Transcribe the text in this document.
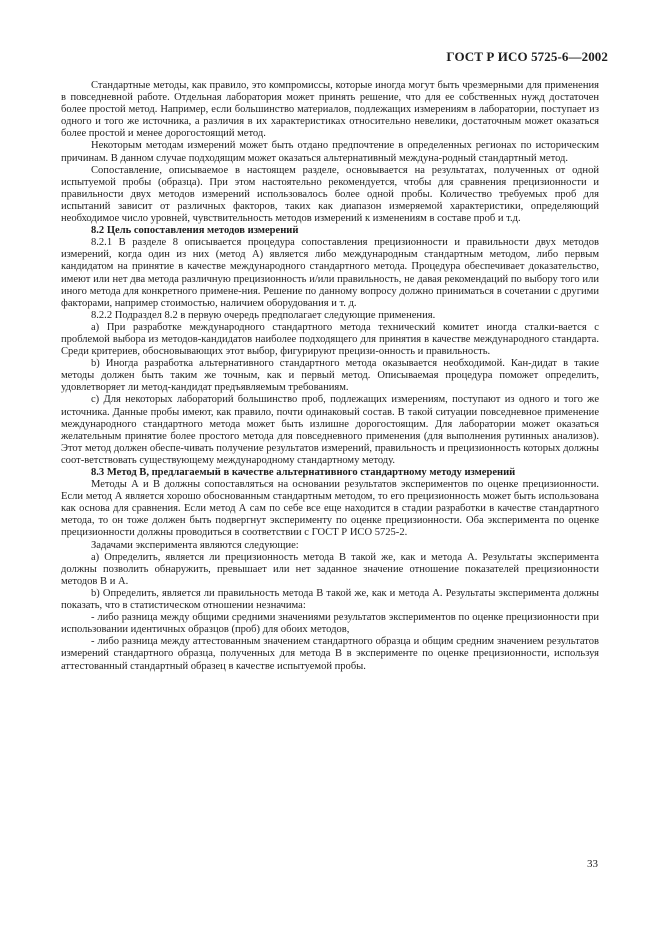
ГОСТ Р ИСО 5725-6—2002

Стандартные методы, как правило, это компромиссы, которые иногда могут быть чрезмерными для применения в повседневной работе. Отдельная лаборатория может принять решение, что для ее собственных нужд достаточен более простой метод. Например, если большинство материалов, подлежащих измерениям в лаборатории, поступает из одного и того же источника, а различия в их характеристиках относительно невелики, достаточным может оказаться более простой и менее дорогостоящий метод.

Некоторым методам измерений может быть отдано предпочтение в определенных регионах по историческим причинам. В данном случае подходящим может оказаться альтернативный междуна-родный стандартный метод.

Сопоставление, описываемое в настоящем разделе, основывается на результатах, полученных от одной испытуемой пробы (образца). При этом настоятельно рекомендуется, чтобы для сравнения прецизионности и правильности двух методов измерений использовалось более одной пробы. Количество требуемых проб для испытаний зависит от различных факторов, таких как диапазон измеряемой характеристики, определяющий необходимое число уровней, чувствительность методов измерений к изменениям в составе проб и т.д.

8.2 Цель сопоставления методов измерений

8.2.1 В разделе 8 описывается процедура сопоставления прецизионности и правильности двух методов измерений, когда один из них (метод А) является либо международным стандартным методом, либо первым кандидатом на принятие в качестве международного стандартного метода. Процедура обеспечивает доказательство, имеют или нет два метода различную прецизионность и/или правильность, не давая рекомендаций по выбору того или иного метода для конкретного примене-ния. Решение по данному вопросу должно приниматься в сочетании с другими факторами, например стоимостью, наличием оборудования и т. д.

8.2.2 Подраздел 8.2 в первую очередь предполагает следующие применения.

а) При разработке международного стандартного метода технический комитет иногда сталки-вается с проблемой выбора из методов-кандидатов наиболее подходящего для принятия в качестве международного стандарта. Среди критериев, обосновывающих этот выбор, фигурируют прецизи-онность и правильность.

b) Иногда разработка альтернативного стандартного метода оказывается необходимой. Кан-дидат в такие методы должен быть таким же точным, как и первый метод. Описываемая процедура поможет определить, удовлетворяет ли метод-кандидат предъявляемым требованиям.

с) Для некоторых лабораторий большинство проб, подлежащих измерениям, поступают из одного и того же источника. Данные пробы имеют, как правило, почти одинаковый состав. В такой ситуации повседневное применение международного стандартного метода может быть излишне дорогостоящим. Для лаборатории может оказаться желательным принятие более простого метода для повседневного применения (для выполнения рутинных анализов). Этот метод должен обеспе-чивать получение результатов измерений, правильность и прецизионность которых должны соот-ветствовать существующему международному стандартному методу.

8.3 Метод В, предлагаемый в качестве альтернативного стандартному методу измерений

Методы А и В должны сопоставляться на основании результатов экспериментов по оценке прецизионности. Если метод А является хорошо обоснованным стандартным методом, то его прецизионность может быть использована как основа для сравнения. Если метод А сам по себе все еще находится в стадии разработки в качестве стандартного метода, то он тоже должен быть подвергнут эксперименту по оценке прецизионности. Оба эксперимента по оценке прецизионности должны проводиться в соответствии с ГОСТ Р ИСО 5725-2.

Задачами эксперимента являются следующие:

а) Определить, является ли прецизионность метода В такой же, как и метода А. Результаты эксперимента должны позволить обнаружить, превышает или нет заданное значение отношение показателей прецизионности методов В и А.

b) Определить, является ли правильность метода В такой же, как и метода А. Результаты эксперимента должны показать, что в статистическом отношении незначима:

- либо разница между общими средними значениями результатов экспериментов по оценке прецизионности при использовании идентичных образцов (проб) для обоих методов,

- либо разница между аттестованным значением стандартного образца и общим средним значением результатов измерений стандартного образца, полученных для метода В в эксперименте по оценке прецизионности, используя аттестованный стандартный образец в качестве испытуемой пробы.

33
